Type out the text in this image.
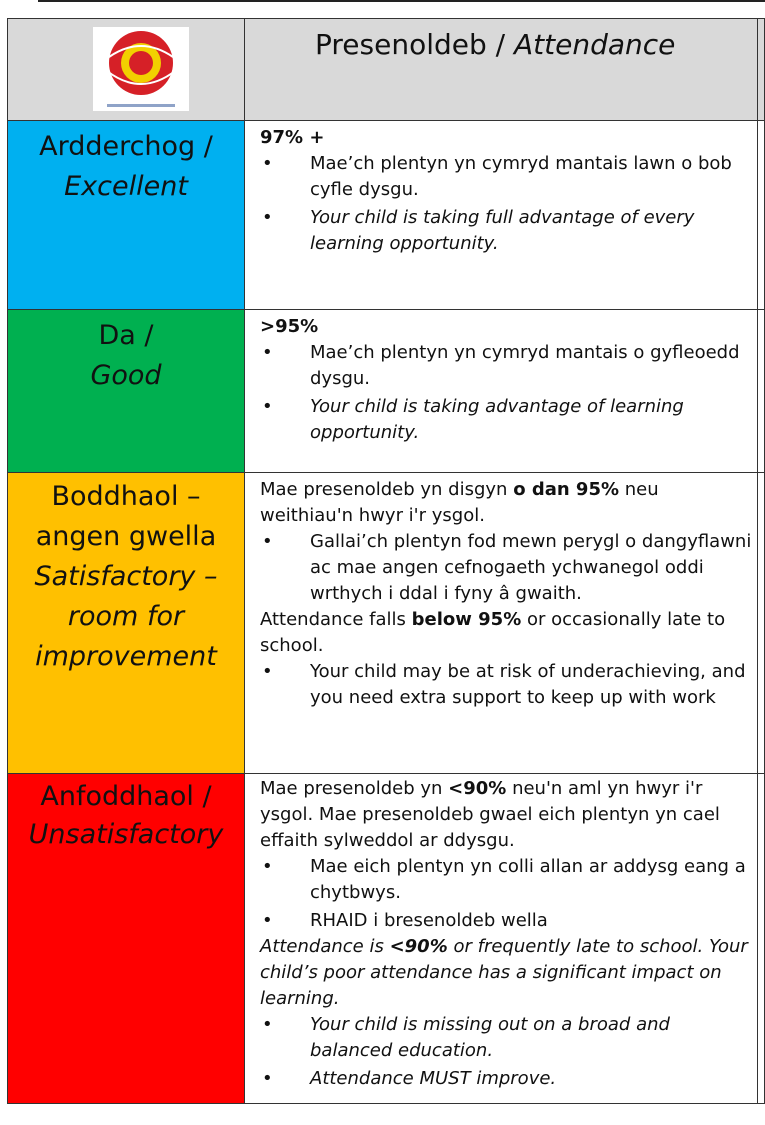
Presenoldeb / Attendance
Ardderchog /
Excellent

97% +

• Mae’ch plentyn yn cymryd mantais lawn o bob cyfle dysgu.

• Your child is taking full advantage of every learning opportunity.

Da /
Good

>95%

• Mae’ch plentyn yn cymryd mantais o gyfleoedd dysgu.

• Your child is taking advantage of learning opportunity.

Boddhaol –
angen gwella
Satisfactory –
room for
improvement

Mae presenoldeb yn disgyn o dan 95% neu weithiau'n hwyr i'r ysgol.

• Gallai’ch plentyn fod mewn perygl o dangyflawni ac mae angen cefnogaeth ychwanegol oddi wrthych i ddal i fyny â gwaith.

Attendance falls below 95% or occasionally late to school.

• Your child may be at risk of underachieving, and you need extra support to keep up with work

Anfoddhaol /
Unsatisfactory

Mae presenoldeb yn <90% neu'n aml yn hwyr i'r ysgol. Mae presenoldeb gwael eich plentyn yn cael effaith sylweddol ar ddysgu.

• Mae eich plentyn yn colli allan ar addysg eang a chytbwys.

• RHAID i bresenoldeb wella

Attendance is <90% or frequently late to school. Your child’s poor attendance has a significant impact on learning.

• Your child is missing out on a broad and balanced education.

• Attendance MUST improve.
